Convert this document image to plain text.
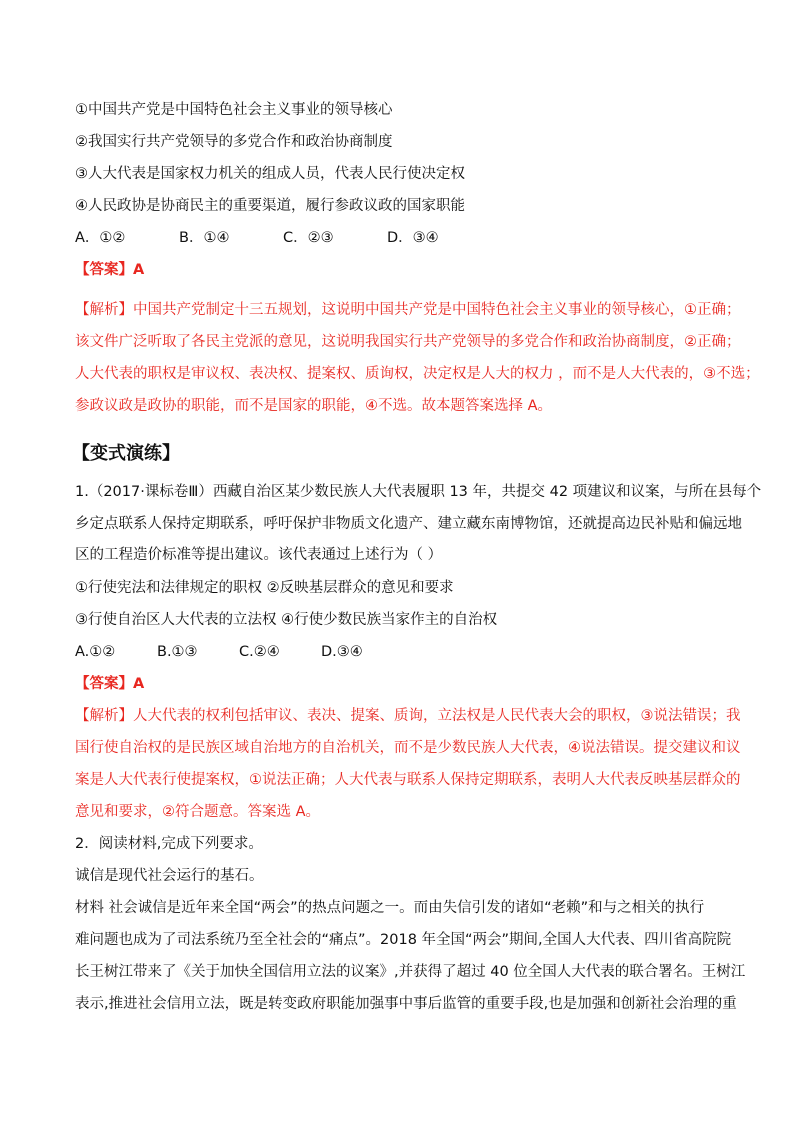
①中国共产党是中国特色社会主义事业的领导核心
②我国实行共产党领导的多党合作和政治协商制度
③人大代表是国家权力机关的组成人员，代表人民行使决定权
④人民政协是协商民主的重要渠道，履行参政议政的国家职能
A．①②	B．①④	C．②③	D．③④
【答案】A
【解析】中国共产党制定十三五规划，这说明中国共产党是中国特色社会主义事业的领导核心，①正确；
该文件广泛听取了各民主党派的意见，这说明我国实行共产党领导的多党合作和政治协商制度，②正确；
人大代表的职权是审议权、表决权、提案权、质询权，决定权是人大的权力 ，而不是人大代表的，③不选；
参政议政是政协的职能，而不是国家的职能，④不选。故本题答案选择 A。
【变式演练】
1.（2017·课标卷Ⅲ）西藏自治区某少数民族人大代表履职 13 年，共提交 42 项建议和议案，与所在县每个
乡定点联系人保持定期联系，呼吁保护非物质文化遗产、建立藏东南博物馆，还就提高边民补贴和偏远地
区的工程造价标准等提出建议。该代表通过上述行为（ ）
①行使宪法和法律规定的职权 ②反映基层群众的意见和要求
③行使自治区人大代表的立法权 ④行使少数民族当家作主的自治权
A.①②	B.①③	C.②④	D.③④
【答案】A
【解析】人大代表的权利包括审议、表决、提案、质询，立法权是人民代表大会的职权，③说法错误；我
国行使自治权的是民族区域自治地方的自治机关，而不是少数民族人大代表，④说法错误。提交建议和议
案是人大代表行使提案权，①说法正确；人大代表与联系人保持定期联系，表明人大代表反映基层群众的
意见和要求，②符合题意。答案选 A。
2．阅读材料,完成下列要求。
诚信是现代社会运行的基石。
材料 社会诚信是近年来全国“两会”的热点问题之一。而由失信引发的诸如“老赖”和与之相关的执行
难问题也成为了司法系统乃至全社会的“痛点”。2018 年全国“两会”期间,全国人大代表、四川省高院院
长王树江带来了《关于加快全国信用立法的议案》,并获得了超过 40 位全国人大代表的联合署名。王树江
表示,推进社会信用立法，既是转变政府职能加强事中事后监管的重要手段,也是加强和创新社会治理的重
